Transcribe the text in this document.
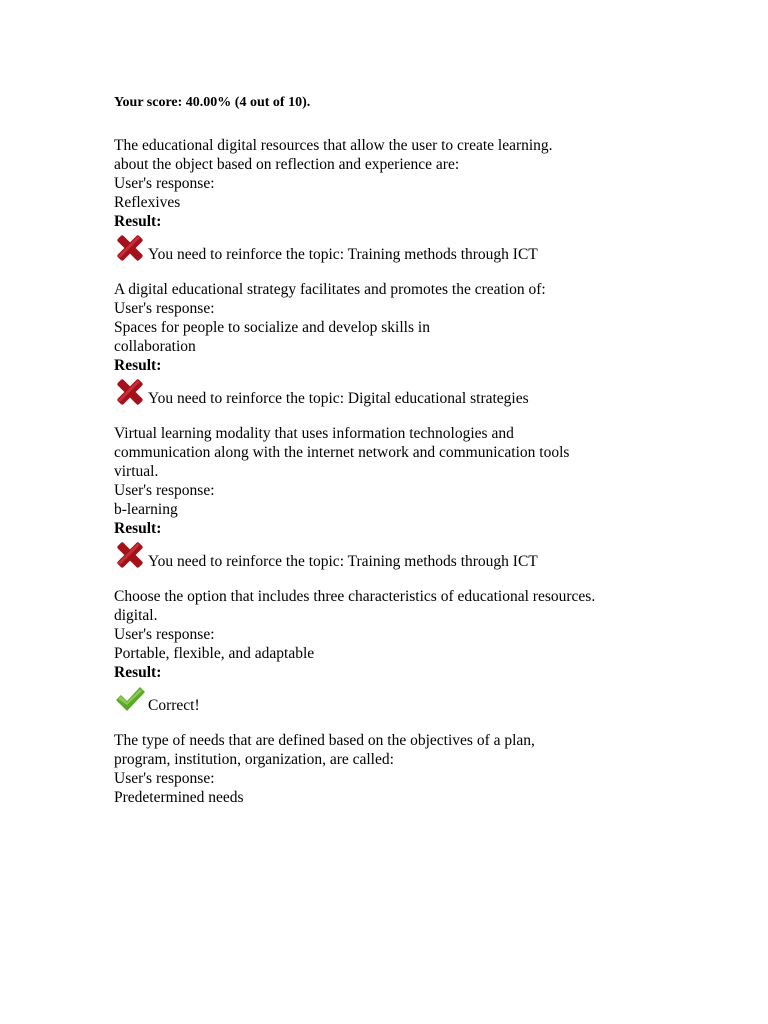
Your score: 40.00% (4 out of 10).

The educational digital resources that allow the user to create learning.
about the object based on reflection and experience are:

User's response:

Reflexives

Result:

You need to reinforce the topic: Training methods through ICT

A digital educational strategy facilitates and promotes the creation of:

User's response:

Spaces for people to socialize and develop skills in
collaboration

Result:

You need to reinforce the topic: Digital educational strategies

Virtual learning modality that uses information technologies and
communication along with the internet network and communication tools
virtual.

User's response:

b-learning

Result:

You need to reinforce the topic: Training methods through ICT

Choose the option that includes three characteristics of educational resources.
digital.

User's response:

Portable, flexible, and adaptable

Result:

Correct!

The type of needs that are defined based on the objectives of a plan,
program, institution, organization, are called:

User's response:

Predetermined needs
